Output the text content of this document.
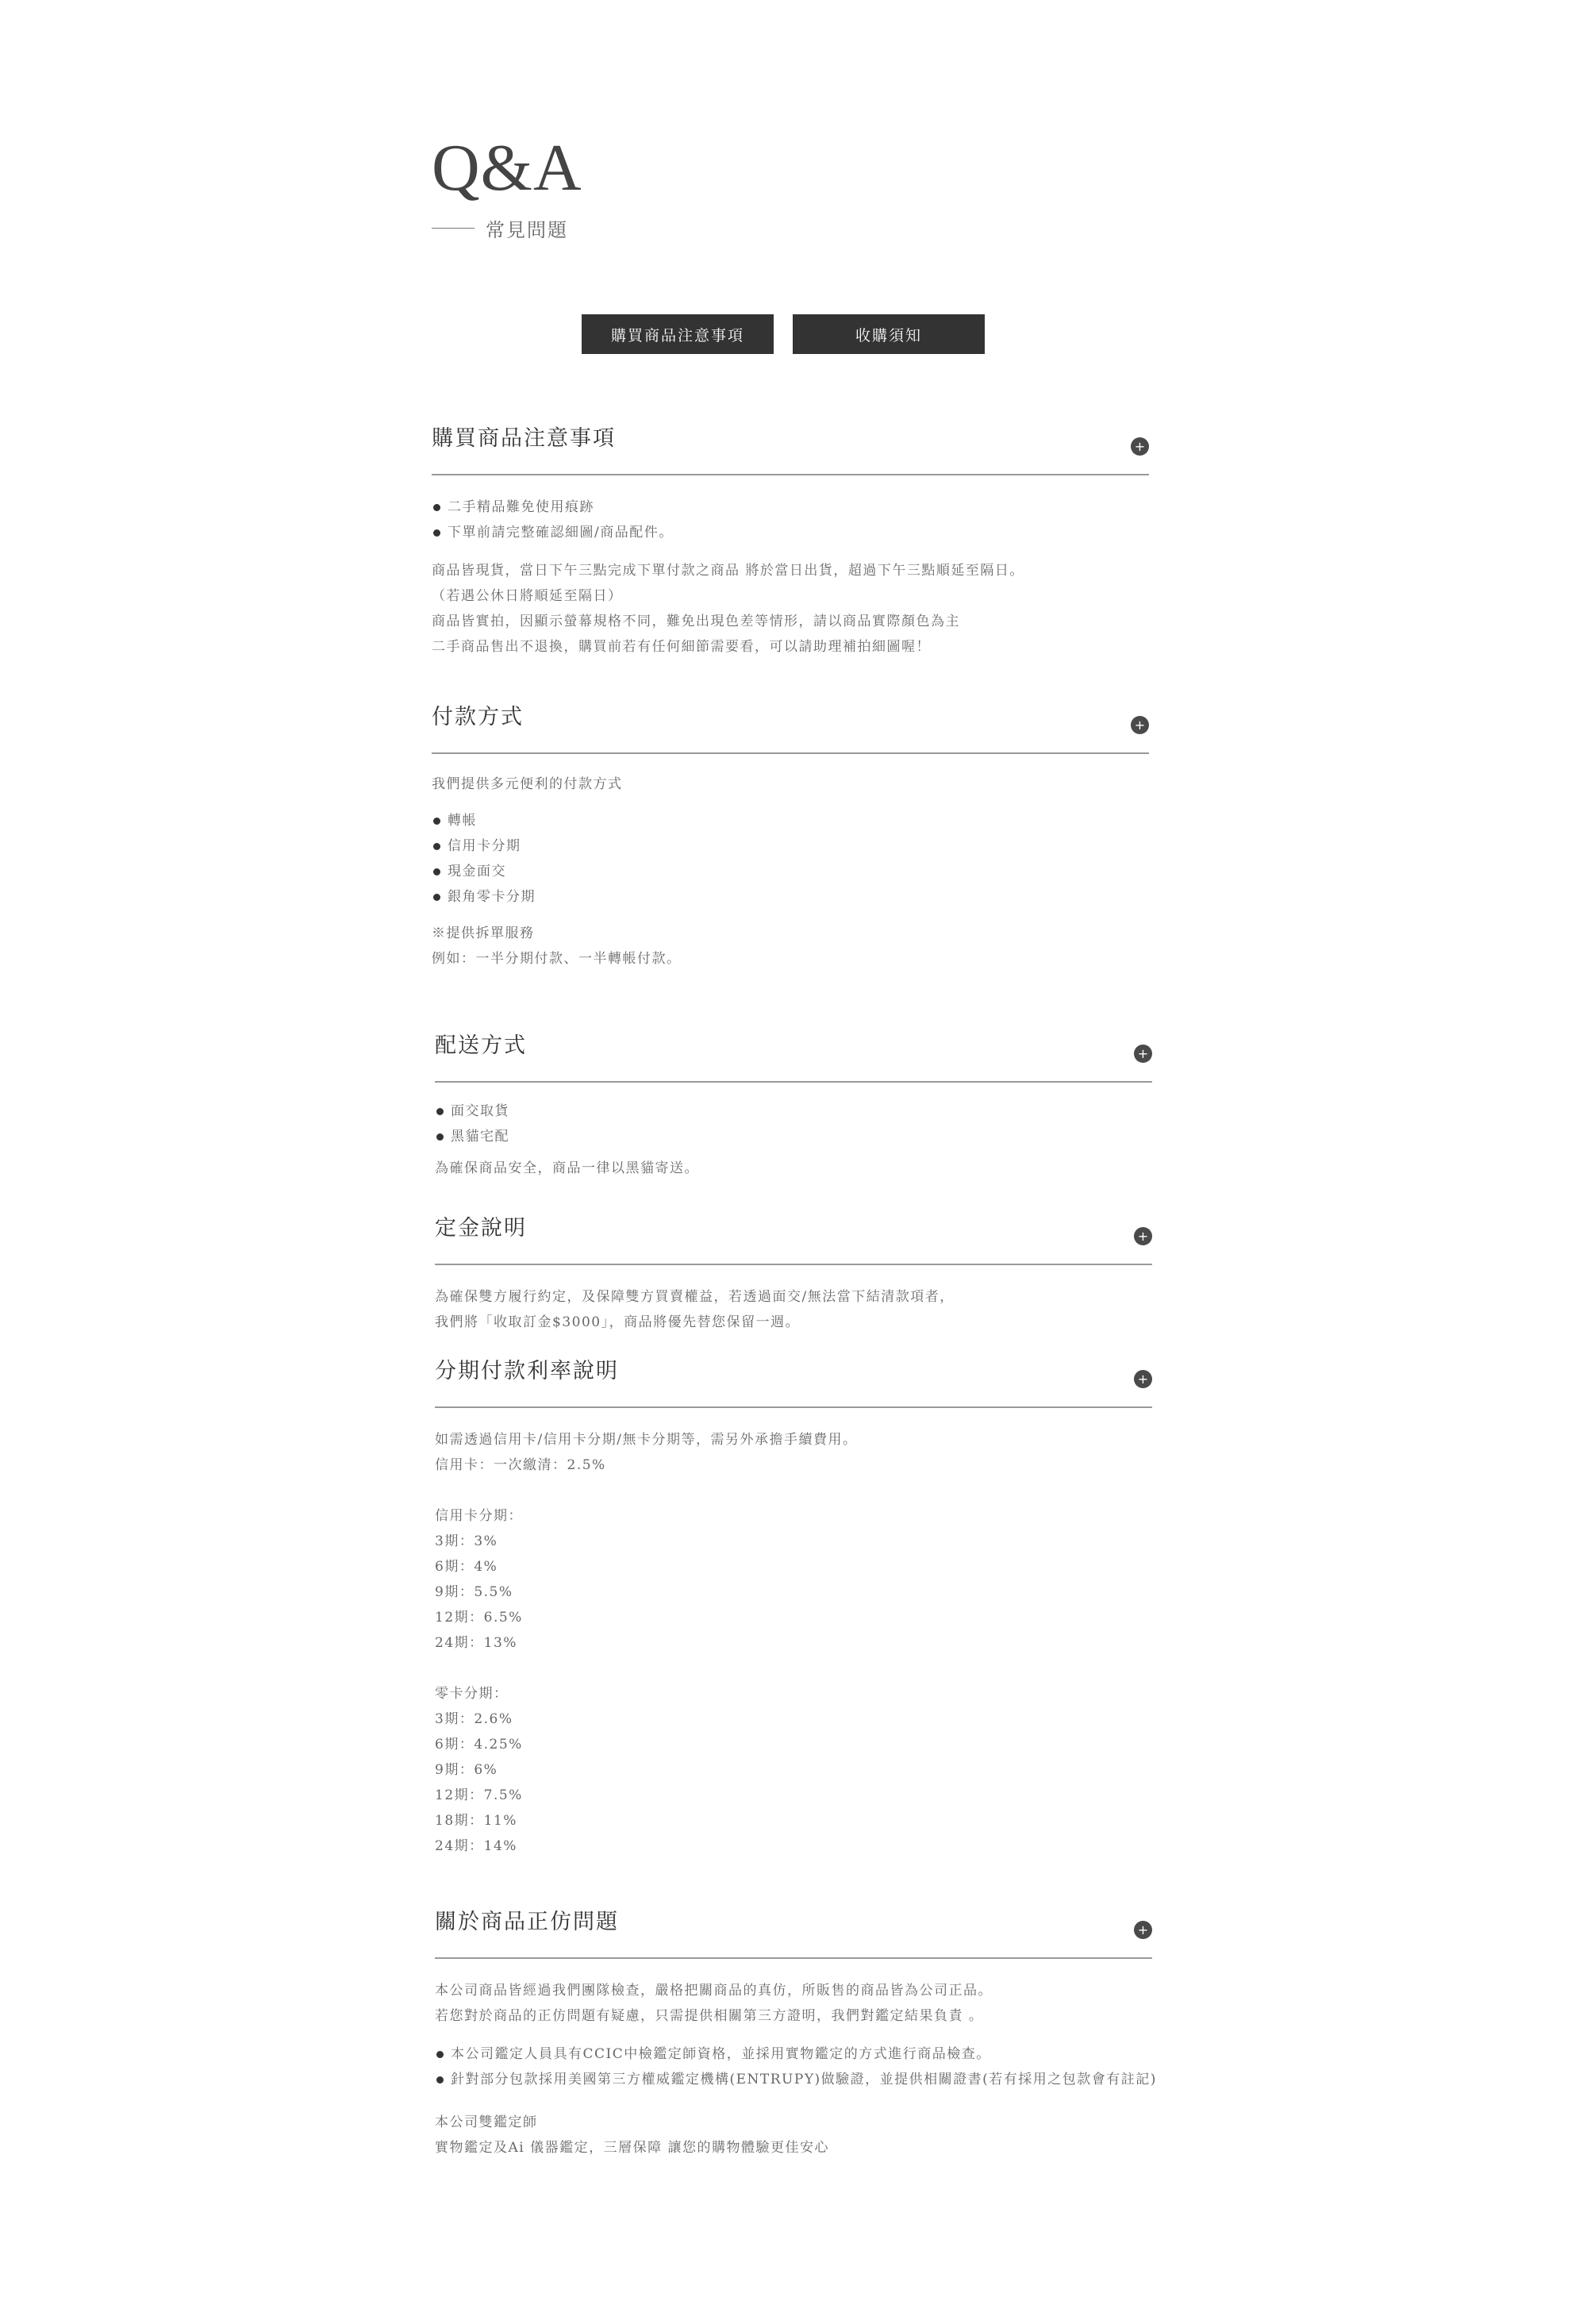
Q&A
常見問題
購買商品注意事項	收購須知
購買商品注意事項	+
二手精品難免使用痕跡
下單前請完整確認細圖/商品配件。

商品皆現貨，當日下午三點完成下單付款之商品 將於當日出貨，超過下午三點順延至隔日。

（若遇公休日將順延至隔日）

商品皆實拍，因顯示螢幕規格不同，難免出現色差等情形，請以商品實際顏色為主

二手商品售出不退換，購買前若有任何細節需要看，可以請助理補拍細圖喔！

付款方式	+

我們提供多元便利的付款方式

轉帳
信用卡分期
現金面交
銀角零卡分期

※提供拆單服務

例如：一半分期付款、一半轉帳付款。

配送方式	+
面交取貨
黑貓宅配

為確保商品安全，商品一律以黑貓寄送。

定金說明	+

為確保雙方履行約定，及保障雙方買賣權益，若透過面交/無法當下結清款項者，

我們將「收取訂金$3000」，商品將優先替您保留一週。

分期付款利率說明	+

如需透過信用卡/信用卡分期/無卡分期等，需另外承擔手續費用。

信用卡：一次繳清：2.5%

信用卡分期：

3期：3%

6期：4%

9期：5.5%

12期：6.5%

24期：13%

零卡分期：

3期：2.6%

6期：4.25%

9期：6%

12期：7.5%

18期：11%

24期：14%

關於商品正仿問題	+

本公司商品皆經過我們團隊檢查，嚴格把關商品的真仿，所販售的商品皆為公司正品。

若您對於商品的正仿問題有疑慮，只需提供相關第三方證明，我們對鑑定結果負責 。

本公司鑑定人員具有CCIC中檢鑑定師資格，並採用實物鑑定的方式進行商品檢查。
針對部分包款採用美國第三方權威鑑定機構(ENTRUPY)做驗證，並提供相關證書(若有採用之包款會有註記)

本公司雙鑑定師

實物鑑定及Ai 儀器鑑定，三層保障 讓您的購物體驗更佳安心
